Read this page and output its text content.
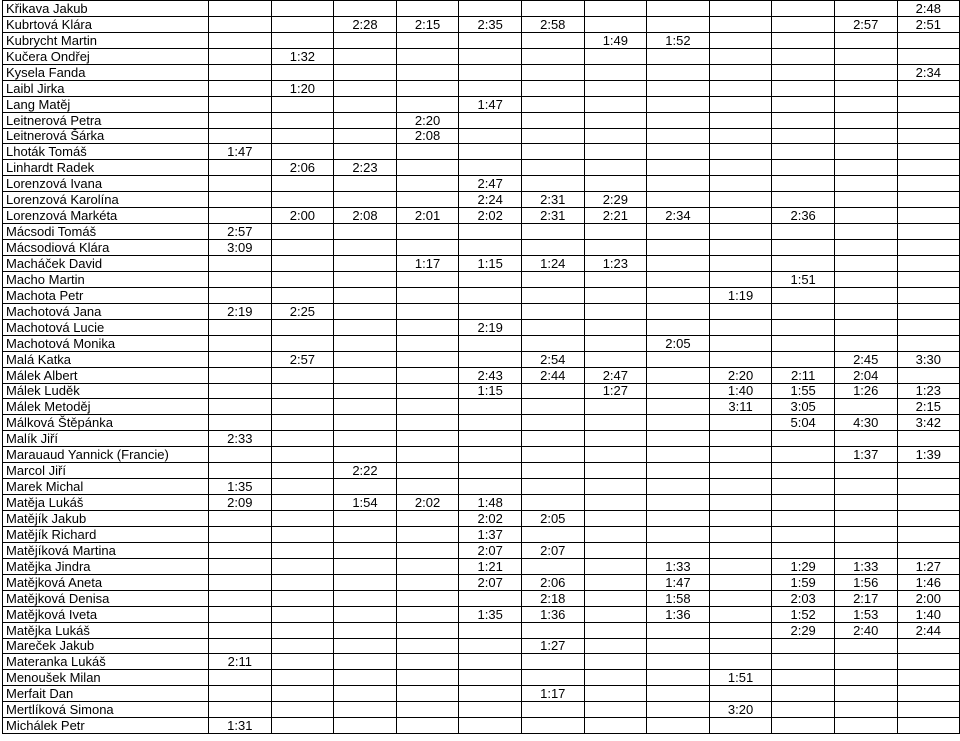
Křikava Jakub												2:48
Kubrtová Klára			2:28	2:15	2:35	2:58					2:57	2:51
Kubrycht Martin							1:49	1:52				
Kučera Ondřej		1:32										
Kysela Fanda												2:34
Laibl Jirka		1:20										
Lang Matěj					1:47							
Leitnerová Petra				2:20								
Leitnerová Šárka				2:08								
Lhoták Tomáš	1:47											
Linhardt Radek		2:06	2:23									
Lorenzová Ivana					2:47							
Lorenzová Karolína					2:24	2:31	2:29					
Lorenzová Markéta		2:00	2:08	2:01	2:02	2:31	2:21	2:34		2:36		
Mácsodi Tomáš	2:57											
Mácsodiová Klára	3:09											
Macháček David				1:17	1:15	1:24	1:23					
Macho Martin										1:51		
Machota Petr									1:19			
Machotová Jana	2:19	2:25										
Machotová Lucie					2:19							
Machotová Monika								2:05				
Malá Katka		2:57				2:54					2:45	3:30
Málek Albert					2:43	2:44	2:47		2:20	2:11	2:04	
Málek Luděk					1:15		1:27		1:40	1:55	1:26	1:23
Málek Metoděj									3:11	3:05		2:15
Málková Štěpánka										5:04	4:30	3:42
Malík Jiří	2:33											
Marauaud Yannick (Francie)											1:37	1:39
Marcol Jiří			2:22									
Marek Michal	1:35											
Matěja Lukáš	2:09		1:54	2:02	1:48							
Matějík Jakub					2:02	2:05						
Matějík Richard					1:37							
Matějíková Martina					2:07	2:07						
Matějka Jindra					1:21			1:33		1:29	1:33	1:27
Matějková Aneta					2:07	2:06		1:47		1:59	1:56	1:46
Matějková Denisa						2:18		1:58		2:03	2:17	2:00
Matějková Iveta					1:35	1:36		1:36		1:52	1:53	1:40
Matějka Lukáš										2:29	2:40	2:44
Mareček Jakub						1:27						
Materanka Lukáš	2:11											
Menoušek Milan									1:51			
Merfait Dan						1:17						
Mertlíková Simona									3:20			
Michálek Petr	1:31											
